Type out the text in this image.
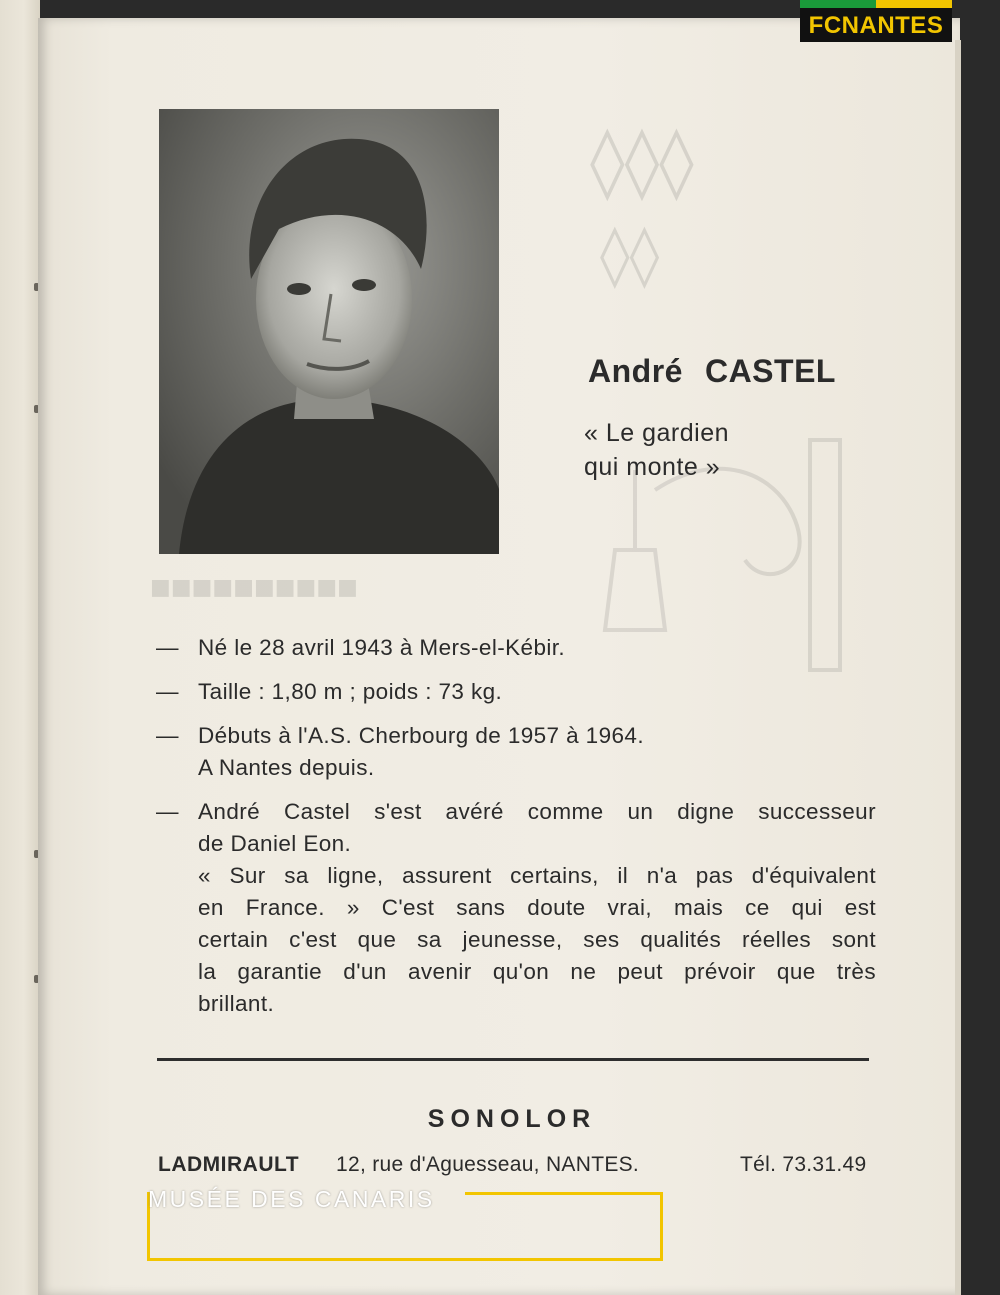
André CASTEL
« Le gardien
qui monte »
— Né le 28 avril 1943 à Mers-el-Kébir.
— Taille : 1,80 m ; poids : 73 kg.
— Débuts à l'A.S. Cherbourg de 1957 à 1964.
A Nantes depuis.
— André Castel s'est avéré comme un digne successeur
de Daniel Eon.
« Sur sa ligne, assurent certains, il n'a pas d'équivalent
en France. » C'est sans doute vrai, mais ce qui est
certain c'est que sa jeunesse, ses qualités réelles sont
la garantie d'un avenir qu'on ne peut prévoir que très
brillant.
SONOLOR
LADMIRAULT 12, rue d'Aguesseau, NANTES.	Tél. 73.31.49
FCNANTES
MUSÉE DES CANARIS
